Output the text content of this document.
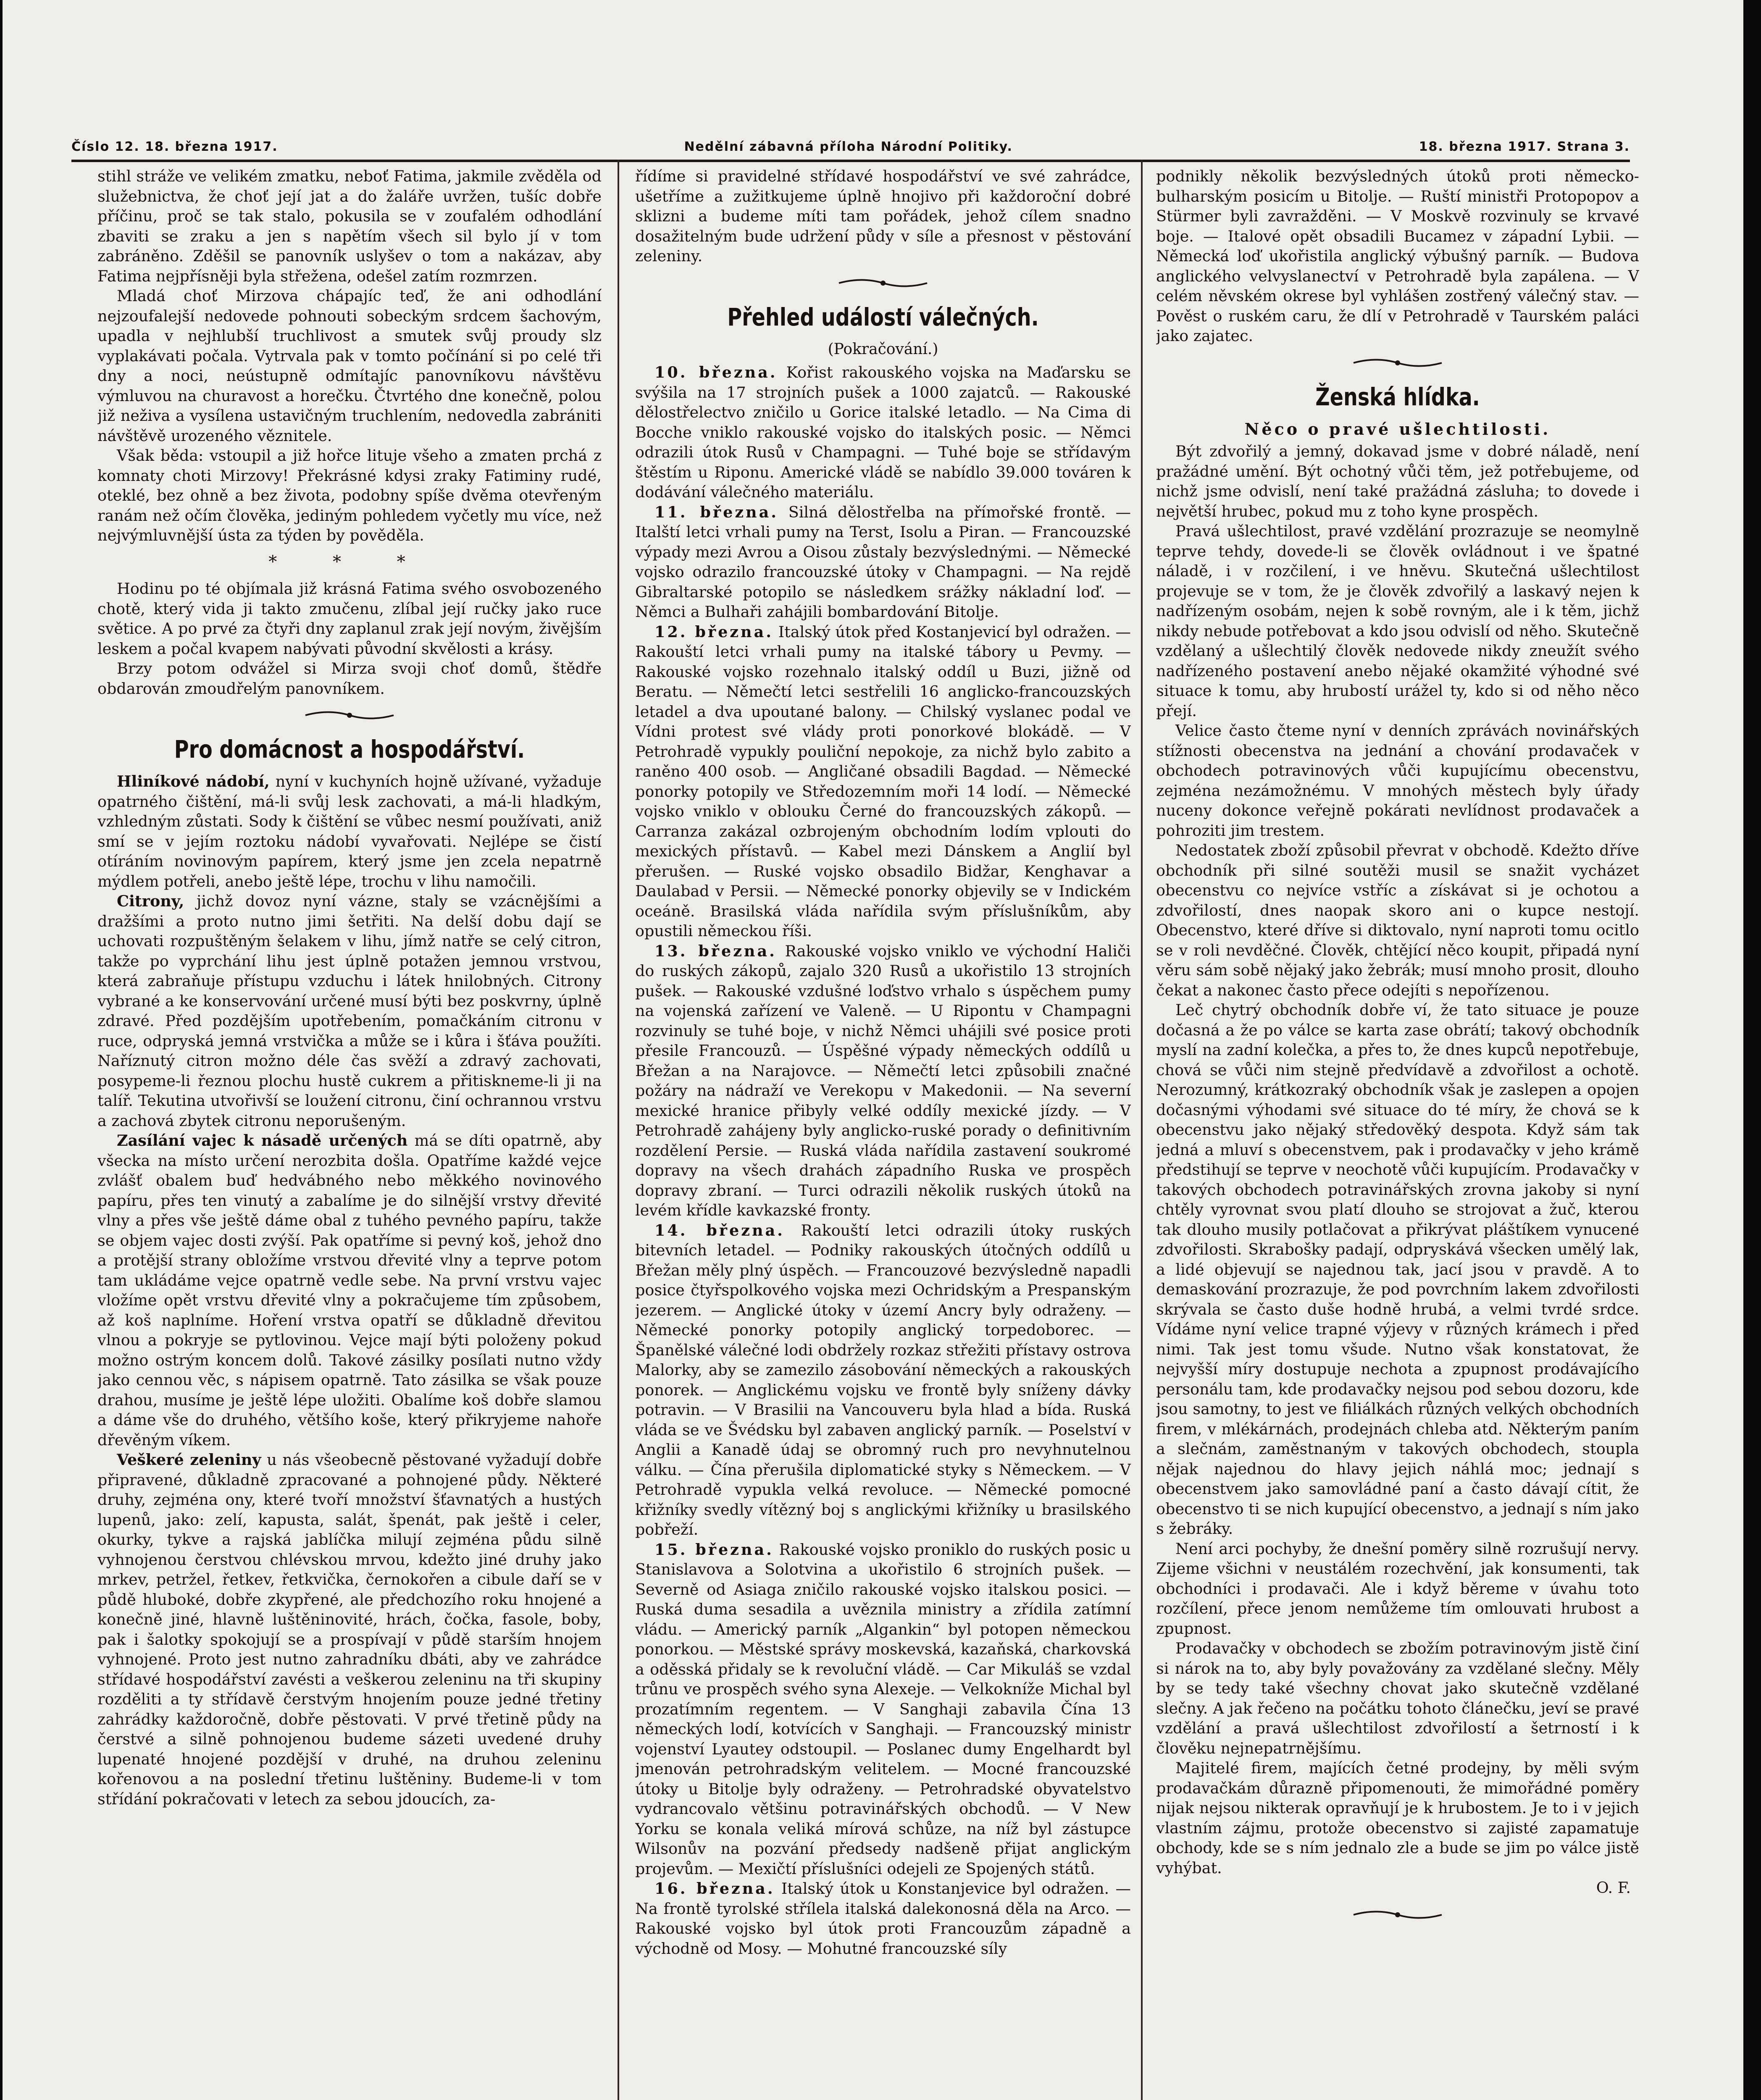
Číslo 12. 18. března 1917.	Nedělní zábavná příloha Národní Politiky.	18. března 1917. Strana 3.

stihl stráže ve velikém zmatku, neboť Fatima, jakmile zvěděla od služebnictva, že choť její jat a do žaláře uvržen, tušíc dobře příčinu, proč se tak stalo, pokusila se v zoufalém odhodlání zbaviti se zraku a jen s napětím všech sil bylo jí v tom zabráněno. Zděšil se panovník uslyšev o tom a nakázav, aby Fatima nejpřísněji byla střežena, odešel zatím rozmrzen.

Mladá choť Mirzova chápajíc teď, že ani odhodlání nejzoufalejší nedovede pohnouti sobeckým srdcem šachovým, upadla v nejhlubší truchlivost a smutek svůj proudy slz vyplakávati počala. Vytrvala pak v tomto počínání si po celé tři dny a noci, neústupně odmítajíc panovníkovu návštěvu výmluvou na churavost a horečku. Čtvrtého dne konečně, polou již neživa a vysílena ustavičným truchlením, nedovedla zabrániti návštěvě urozeného věznitele.

Však běda: vstoupil a již hořce lituje všeho a zmaten prchá z komnaty choti Mirzovy! Překrásné kdysi zraky Fatiminy rudé, oteklé, bez ohně a bez života, podobny spíše dvěma otevřeným ranám než očím člověka, jediným pohledem vyčetly mu více, než nejvýmluvnější ústa za týden by pověděla.

* * *

Hodinu po té objímala již krásná Fatima svého osvobozeného chotě, který vida ji takto zmučenu, zlíbal její ručky jako ruce světice. A po prvé za čtyři dny zaplanul zrak její novým, živějším leskem a počal kvapem nabývati původní skvělosti a krásy.

Brzy potom odvážel si Mirza svoji choť domů, štědře obdarován zmoudřelým panovníkem.

Pro domácnost a hospodářství.

Hliníkové nádobí, nyní v kuchyních hojně užívané, vyžaduje opatrného čištění, má-li svůj lesk zachovati, a má-li hladkým, vzhledným zůstati. Sody k čištění se vůbec nesmí používati, aniž smí se v jejím roztoku nádobí vyvařovati. Nejlépe se čistí otíráním novinovým papírem, který jsme jen zcela nepatrně mýdlem potřeli, anebo ještě lépe, trochu v lihu namočili.

Citrony, jichž dovoz nyní vázne, staly se vzácnějšími a dražšími a proto nutno jimi šetřiti. Na delší dobu dají se uchovati rozpuštěným šelakem v lihu, jímž natře se celý citron, takže po vyprchání lihu jest úplně potažen jemnou vrstvou, která zabraňuje přístupu vzduchu i látek hnilobných. Citrony vybrané a ke konservování určené musí býti bez poskvrny, úplně zdravé. Před pozdějším upotřebením, pomačkáním citronu v ruce, odpryská jemná vrstvička a může se i kůra i šťáva použíti. Naříznutý citron možno déle čas svěží a zdravý zachovati, posypeme-li řeznou plochu hustě cukrem a přitiskneme-li ji na talíř. Tekutina utvořivší se loužení citronu, činí ochrannou vrstvu a zachová zbytek citronu neporušeným.

Zasílání vajec k násadě určených má se díti opatrně, aby všecka na místo určení nerozbita došla. Opatříme každé vejce zvlášť obalem buď hedvábného nebo měkkého novinového papíru, přes ten vinutý a zabalíme je do silnější vrstvy dřevité vlny a přes vše ještě dáme obal z tuhého pevného papíru, takže se objem vajec dosti zvýší. Pak opatříme si pevný koš, jehož dno a protější strany obložíme vrstvou dřevité vlny a teprve potom tam ukládáme vejce opatrně vedle sebe. Na první vrstvu vajec vložíme opět vrstvu dřevité vlny a pokračujeme tím způsobem, až koš naplníme. Hoření vrstva opatří se důkladně dřevitou vlnou a pokryje se pytlovinou. Vejce mají býti položeny pokud možno ostrým koncem dolů. Takové zásilky posílati nutno vždy jako cennou věc, s nápisem opatrně. Tato zásilka se však pouze drahou, musíme je ještě lépe uložiti. Obalíme koš dobře slamou a dáme vše do druhého, většího koše, který přikryjeme nahoře dřevěným víkem.

Veškeré zeleniny u nás všeobecně pěstované vyžadují dobře připravené, důkladně zpracované a pohnojené půdy. Některé druhy, zejména ony, které tvoří množství šťavnatých a hustých lupenů, jako: zelí, kapusta, salát, špenát, pak ještě i celer, okurky, tykve a rajská jablíčka milují zejména půdu silně vyhnojenou čerstvou chlévskou mrvou, kdežto jiné druhy jako mrkev, petržel, řetkev, řetkvička, černokořen a cibule daří se v půdě hluboké, dobře zkypřené, ale předchozího roku hnojené a konečně jiné, hlavně luštěninovité, hrách, čočka, fasole, boby, pak i šalotky spokojují se a prospívají v půdě starším hnojem vyhnojené. Proto jest nutno zahradníku dbáti, aby ve zahrádce střídavé hospodářství zavésti a veškerou zeleninu na tři skupiny rozděliti a ty střídavě čerstvým hnojením pouze jedné třetiny zahrádky každoročně, dobře pěstovati. V prvé třetině půdy na čerstvé a silně pohnojenou budeme sázeti uvedené druhy lupenaté hnojené pozdější v druhé, na druhou zeleninu kořenovou a na poslední třetinu luštěniny. Budeme-li v tom střídání pokračovati v letech za sebou jdoucích, za-

řídíme si pravidelné střídavé hospodářství ve své zahrádce, ušetříme a zužitkujeme úplně hnojivo při každoroční dobré sklizni a budeme míti tam pořádek, jehož cílem snadno dosažitelným bude udržení půdy v síle a přesnost v pěstování zeleniny.

Přehled událostí válečných.
(Pokračování.)

10. března. Kořist rakouského vojska na Maďarsku se svýšila na 17 strojních pušek a 1000 zajatců. — Rakouské dělostřelectvo zničilo u Gorice italské letadlo. — Na Cima di Bocche vniklo rakouské vojsko do italských posic. — Němci odrazili útok Rusů v Champagni. — Tuhé boje se střídavým štěstím u Riponu. Americké vládě se nabídlo 39.000 továren k dodávání válečného materiálu.

11. března. Silná dělostřelba na přímořské frontě. — Italští letci vrhali pumy na Terst, Isolu a Piran. — Francouzské výpady mezi Avrou a Oisou zůstaly bezvýslednými. — Německé vojsko odrazilo francouzské útoky v Champagni. — Na rejdě Gibraltarské potopilo se následkem srážky nákladní loď. — Němci a Bulhaři zahájili bombardování Bitolje.

12. března. Italský útok před Kostanjevicí byl odražen. — Rakouští letci vrhali pumy na italské tábory u Pevmy. — Rakouské vojsko rozehnalo italský oddíl u Buzi, jižně od Beratu. — Němečtí letci sestřelili 16 anglicko-francouzských letadel a dva upoutané balony. — Chilský vyslanec podal ve Vídni protest své vlády proti ponorkové blokádě. — V Petrohradě vypukly pouliční nepokoje, za nichž bylo zabito a raněno 400 osob. — Angličané obsadili Bagdad. — Německé ponorky potopily ve Středozemním moři 14 lodí. — Německé vojsko vniklo v oblouku Černé do francouzských zákopů. — Carranza zakázal ozbrojeným obchodním lodím vplouti do mexických přístavů. — Kabel mezi Dánskem a Anglií byl přerušen. — Ruské vojsko obsadilo Bidžar, Kenghavar a Daulabad v Persii. — Německé ponorky objevily se v Indickém oceáně. Brasilská vláda nařídila svým příslušníkům, aby opustili německou říši.

13. března. Rakouské vojsko vniklo ve východní Haliči do ruských zákopů, zajalo 320 Rusů a ukořistilo 13 strojních pušek. — Rakouské vzdušné loďstvo vrhalo s úspěchem pumy na vojenská zařízení ve Valeně. — U Ripontu v Champagni rozvinuly se tuhé boje, v nichž Němci uhájili své posice proti přesile Francouzů. — Úspěšné výpady německých oddílů u Břežan a na Narajovce. — Němečtí letci způsobili značné požáry na nádraží ve Verekopu v Makedonii. — Na severní mexické hranice přibyly velké oddíly mexické jízdy. — V Petrohradě zahájeny byly anglicko-ruské porady o definitivním rozdělení Persie. — Ruská vláda nařídila zastavení soukromé dopravy na všech drahách západního Ruska ve prospěch dopravy zbraní. — Turci odrazili několik ruských útoků na levém křídle kavkazské fronty.

14. března. Rakouští letci odrazili útoky ruských bitevních letadel. — Podniky rakouských útočných oddílů u Břežan měly plný úspěch. — Francouzové bezvýsledně napadli posice čtyřspolkového vojska mezi Ochridským a Prespanským jezerem. — Anglické útoky v území Ancry byly odraženy. — Německé ponorky potopily anglický torpedoborec. — Španělské válečné lodi obdržely rozkaz střežiti přístavy ostrova Malorky, aby se zamezilo zásobování německých a rakouských ponorek. — Anglickému vojsku ve frontě byly sníženy dávky potravin. — V Brasilii na Vancouveru byla hlad a bída. Ruská vláda se ve Švédsku byl zabaven anglický parník. — Poselství v Anglii a Kanadě údaj se obromný ruch pro nevyhnutelnou válku. — Čína přerušila diplomatické styky s Německem. — V Petrohradě vypukla velká revoluce. — Německé pomocné křižníky svedly vítězný boj s anglickými křižníky u brasilského pobřeží.

15. března. Rakouské vojsko proniklo do ruských posic u Stanislavova a Solotvina a ukořistilo 6 strojních pušek. — Severně od Asiaga zničilo rakouské vojsko italskou posici. — Ruská duma sesadila a uvěznila ministry a zřídila zatímní vládu. — Americký parník „Algankin“ byl potopen německou ponorkou. — Městské správy moskevská, kazaňská, charkovská a oděsská přidaly se k revoluční vládě. — Car Mikuláš se vzdal trůnu ve prospěch svého syna Alexeje. — Velkokníže Michal byl prozatímním regentem. — V Sanghaji zabavila Čína 13 německých lodí, kotvících v Sanghaji. — Francouzský ministr vojenství Lyautey odstoupil. — Poslanec dumy Engelhardt byl jmenován petrohradským velitelem. — Mocné francouzské útoky u Bitolje byly odraženy. — Petrohradské obyvatelstvo vydrancovalo většinu potravinářských obchodů. — V New Yorku se konala veliká mírová schůze, na níž byl zástupce Wilsonův na pozvání předsedy nadšeně přijat anglickým projevům. — Mexičtí příslušníci odejeli ze Spojených států.

16. března. Italský útok u Konstanjevice byl odražen. — Na frontě tyrolské střílela italská dalekonosná děla na Arco. — Rakouské vojsko byl útok proti Francouzům západně a východně od Mosy. — Mohutné francouzské síly

podnikly několik bezvýsledných útoků proti německo-bulharským posicím u Bitolje. — Ruští ministři Protopopov a Stürmer byli zavražděni. — V Moskvě rozvinuly se krvavé boje. — Italové opět obsadili Bucamez v západní Lybii. — Německá loď ukořistila anglický výbušný parník. — Budova anglického velvyslanectví v Petrohradě byla zapálena. — V celém něvském okrese byl vyhlášen zostřený válečný stav. — Pověst o ruském caru, že dlí v Petrohradě v Taurském paláci jako zajatec.

Ženská hlídka.
Něco o pravé ušlechtilosti.

Být zdvořilý a jemný, dokavad jsme v dobré náladě, není pražádné umění. Být ochotný vůči těm, jež potřebujeme, od nichž jsme odvislí, není také pražádná zásluha; to dovede i největší hrubec, pokud mu z toho kyne prospěch.

Pravá ušlechtilost, pravé vzdělání prozrazuje se neomylně teprve tehdy, dovede-li se člověk ovládnout i ve špatné náladě, i v rozčilení, i ve hněvu. Skutečná ušlechtilost projevuje se v tom, že je člověk zdvořilý a laskavý nejen k nadřízeným osobám, nejen k sobě rovným, ale i k těm, jichž nikdy nebude potřebovat a kdo jsou odvislí od něho. Skutečně vzdělaný a ušlechtilý člověk nedovede nikdy zneužít svého nadřízeného postavení anebo nějaké okamžité výhodné své situace k tomu, aby hrubostí urážel ty, kdo si od něho něco přejí.

Velice často čteme nyní v denních zprávách novinářských stížnosti obecenstva na jednání a chování prodavaček v obchodech potravinových vůči kupujícímu obecenstvu, zejména nezámožnému. V mnohých městech byly úřady nuceny dokonce veřejně pokárati nevlídnost prodavaček a pohroziti jim trestem.

Nedostatek zboží způsobil převrat v obchodě. Kdežto dříve obchodník při silné soutěži musil se snažit vycházet obecenstvu co nejvíce vstříc a získávat si je ochotou a zdvořilostí, dnes naopak skoro ani o kupce nestojí. Obecenstvo, které dříve si diktovalo, nyní naproti tomu ocitlo se v roli nevděčné. Člověk, chtějící něco koupit, připadá nyní věru sám sobě nějaký jako žebrák; musí mnoho prosit, dlouho čekat a nakonec často přece odejíti s nepořízenou.

Leč chytrý obchodník dobře ví, že tato situace je pouze dočasná a že po válce se karta zase obrátí; takový obchodník myslí na zadní kolečka, a přes to, že dnes kupců nepotřebuje, chová se vůči nim stejně předvídavě a zdvořilost a ochotě. Nerozumný, krátkozraký obchodník však je zaslepen a opojen dočasnými výhodami své situace do té míry, že chová se k obecenstvu jako nějaký středověký despota. Když sám tak jedná a mluví s obecenstvem, pak i prodavačky v jeho krámě předstihují se teprve v neochotě vůči kupujícím. Prodavačky v takových obchodech potravinářských zrovna jakoby si nyní chtěly vyrovnat svou platí dlouho se strojovat a žuč, kterou tak dlouho musily potlačovat a přikrývat pláštíkem vynucené zdvořilosti. Skrabošky padají, odpryskává všecken umělý lak, a lidé objevují se najednou tak, jací jsou v pravdě. A to demaskování prozrazuje, že pod povrchním lakem zdvořilosti skrývala se často duše hodně hrubá, a velmi tvrdé srdce. Vídáme nyní velice trapné výjevy v různých krámech i před nimi. Tak jest tomu všude. Nutno však konstatovat, že nejvyšší míry dostupuje nechota a zpupnost prodávajícího personálu tam, kde prodavačky nejsou pod sebou dozoru, kde jsou samotny, to jest ve filiálkách různých velkých obchodních firem, v mlékárnách, prodejnách chleba atd. Některým paním a slečnám, zaměstnaným v takových obchodech, stoupla nějak najednou do hlavy jejich náhlá moc; jednají s obecenstvem jako samovládné paní a často dávají cítit, že obecenstvo ti se nich kupující obecenstvo, a jednají s ním jako s žebráky.

Není arci pochyby, že dnešní poměry silně rozrušují nervy. Zijeme všichni v neustálém rozechvění, jak konsumenti, tak obchodníci i prodavači. Ale i když běreme v úvahu toto rozčílení, přece jenom nemůžeme tím omlouvati hrubost a zpupnost.

Prodavačky v obchodech se zbožím potravinovým jistě činí si nárok na to, aby byly považovány za vzdělané slečny. Měly by se tedy také všechny chovat jako skutečně vzdělané slečny. A jak řečeno na počátku tohoto článečku, jeví se pravé vzdělání a pravá ušlechtilost zdvořilostí a šetrností i k člověku nejnepatrnějšímu.

Majitelé firem, majících četné prodejny, by měli svým prodavačkám důrazně připomenouti, že mimořádné poměry nijak nejsou nikterak opravňují je k hrubostem. Je to i v jejich vlastním zájmu, protože obecenstvo si zajisté zapamatuje obchody, kde se s ním jednalo zle a bude se jim po válce jistě vyhýbat.

O. F.
